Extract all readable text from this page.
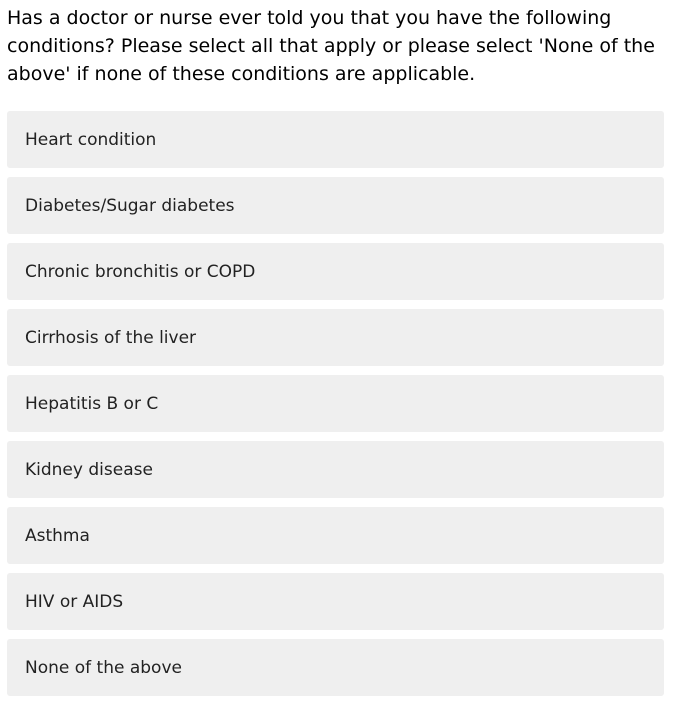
Has a doctor or nurse ever told you that you have the following conditions? Please select all that apply or please select 'None of the above' if none of these conditions are applicable.

Heart condition
Diabetes/Sugar diabetes
Chronic bronchitis or COPD
Cirrhosis of the liver
Hepatitis B or C
Kidney disease
Asthma
HIV or AIDS
None of the above
